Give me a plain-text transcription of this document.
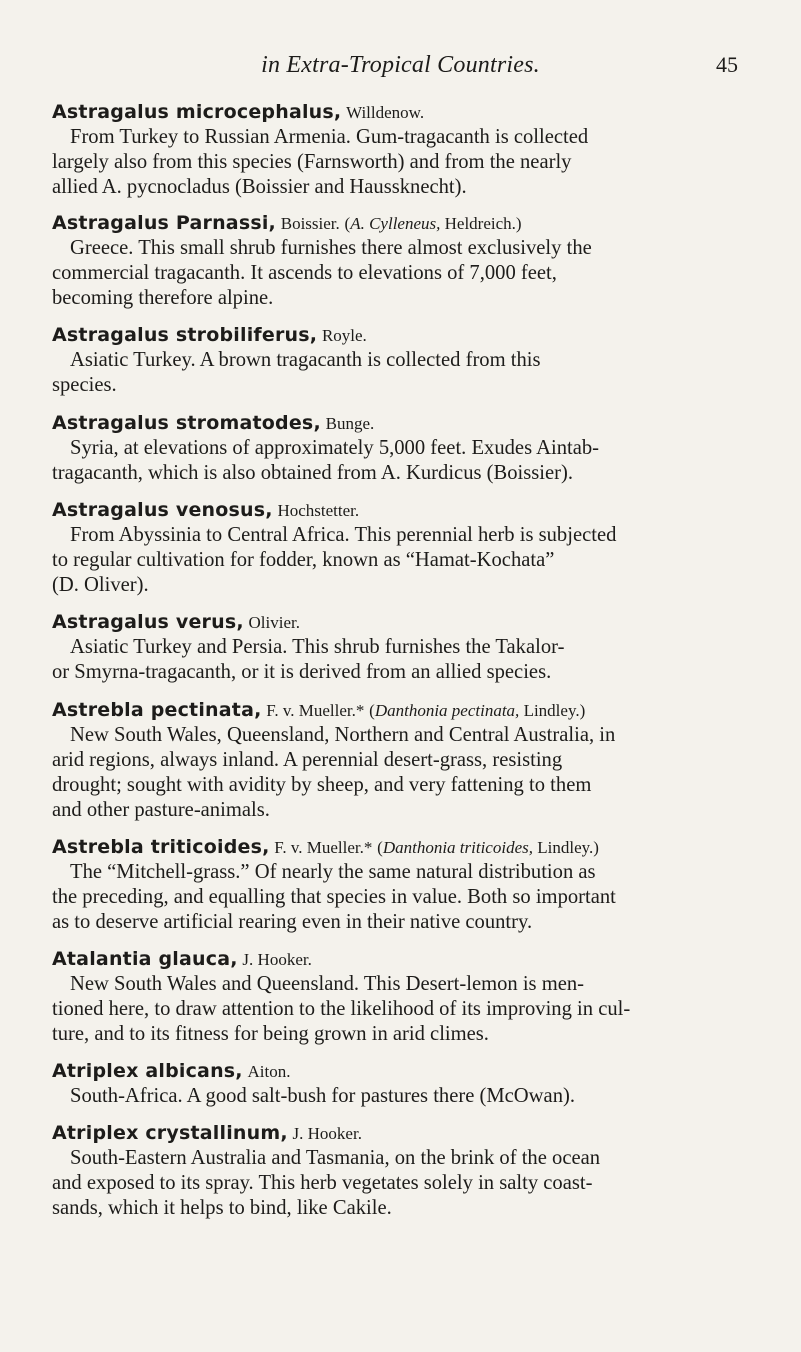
in Extra-Tropical Countries.	45
Astragalus microcephalus, Willdenow.
From Turkey to Russian Armenia. Gum-tragacanth is collected
largely also from this species (Farnsworth) and from the nearly
allied A. pycnocladus (Boissier and Haussknecht).
Astragalus Parnassi, Boissier. (A. Cylleneus, Heldreich.)
Greece. This small shrub furnishes there almost exclusively the
commercial tragacanth. It ascends to elevations of 7,000 feet,
becoming therefore alpine.
Astragalus strobiliferus, Royle.
Asiatic Turkey. A brown tragacanth is collected from this
species.
Astragalus stromatodes, Bunge.
Syria, at elevations of approximately 5,000 feet. Exudes Aintab-
tragacanth, which is also obtained from A. Kurdicus (Boissier).
Astragalus venosus, Hochstetter.
From Abyssinia to Central Africa. This perennial herb is subjected
to regular cultivation for fodder, known as “Hamat-Kochata”
(D. Oliver).
Astragalus verus, Olivier.
Asiatic Turkey and Persia. This shrub furnishes the Takalor-
or Smyrna-tragacanth, or it is derived from an allied species.
Astrebla pectinata, F. v. Mueller.* (Danthonia pectinata, Lindley.)
New South Wales, Queensland, Northern and Central Australia, in
arid regions, always inland. A perennial desert-grass, resisting
drought; sought with avidity by sheep, and very fattening to them
and other pasture-animals.
Astrebla triticoides, F. v. Mueller.* (Danthonia triticoides, Lindley.)
The “Mitchell-grass.” Of nearly the same natural distribution as
the preceding, and equalling that species in value. Both so important
as to deserve artificial rearing even in their native country.
Atalantia glauca, J. Hooker.
New South Wales and Queensland. This Desert-lemon is men-
tioned here, to draw attention to the likelihood of its improving in cul-
ture, and to its fitness for being grown in arid climes.
Atriplex albicans, Aiton.
South-Africa. A good salt-bush for pastures there (McOwan).
Atriplex crystallinum, J. Hooker.
South-Eastern Australia and Tasmania, on the brink of the ocean
and exposed to its spray. This herb vegetates solely in salty coast-
sands, which it helps to bind, like Cakile.
